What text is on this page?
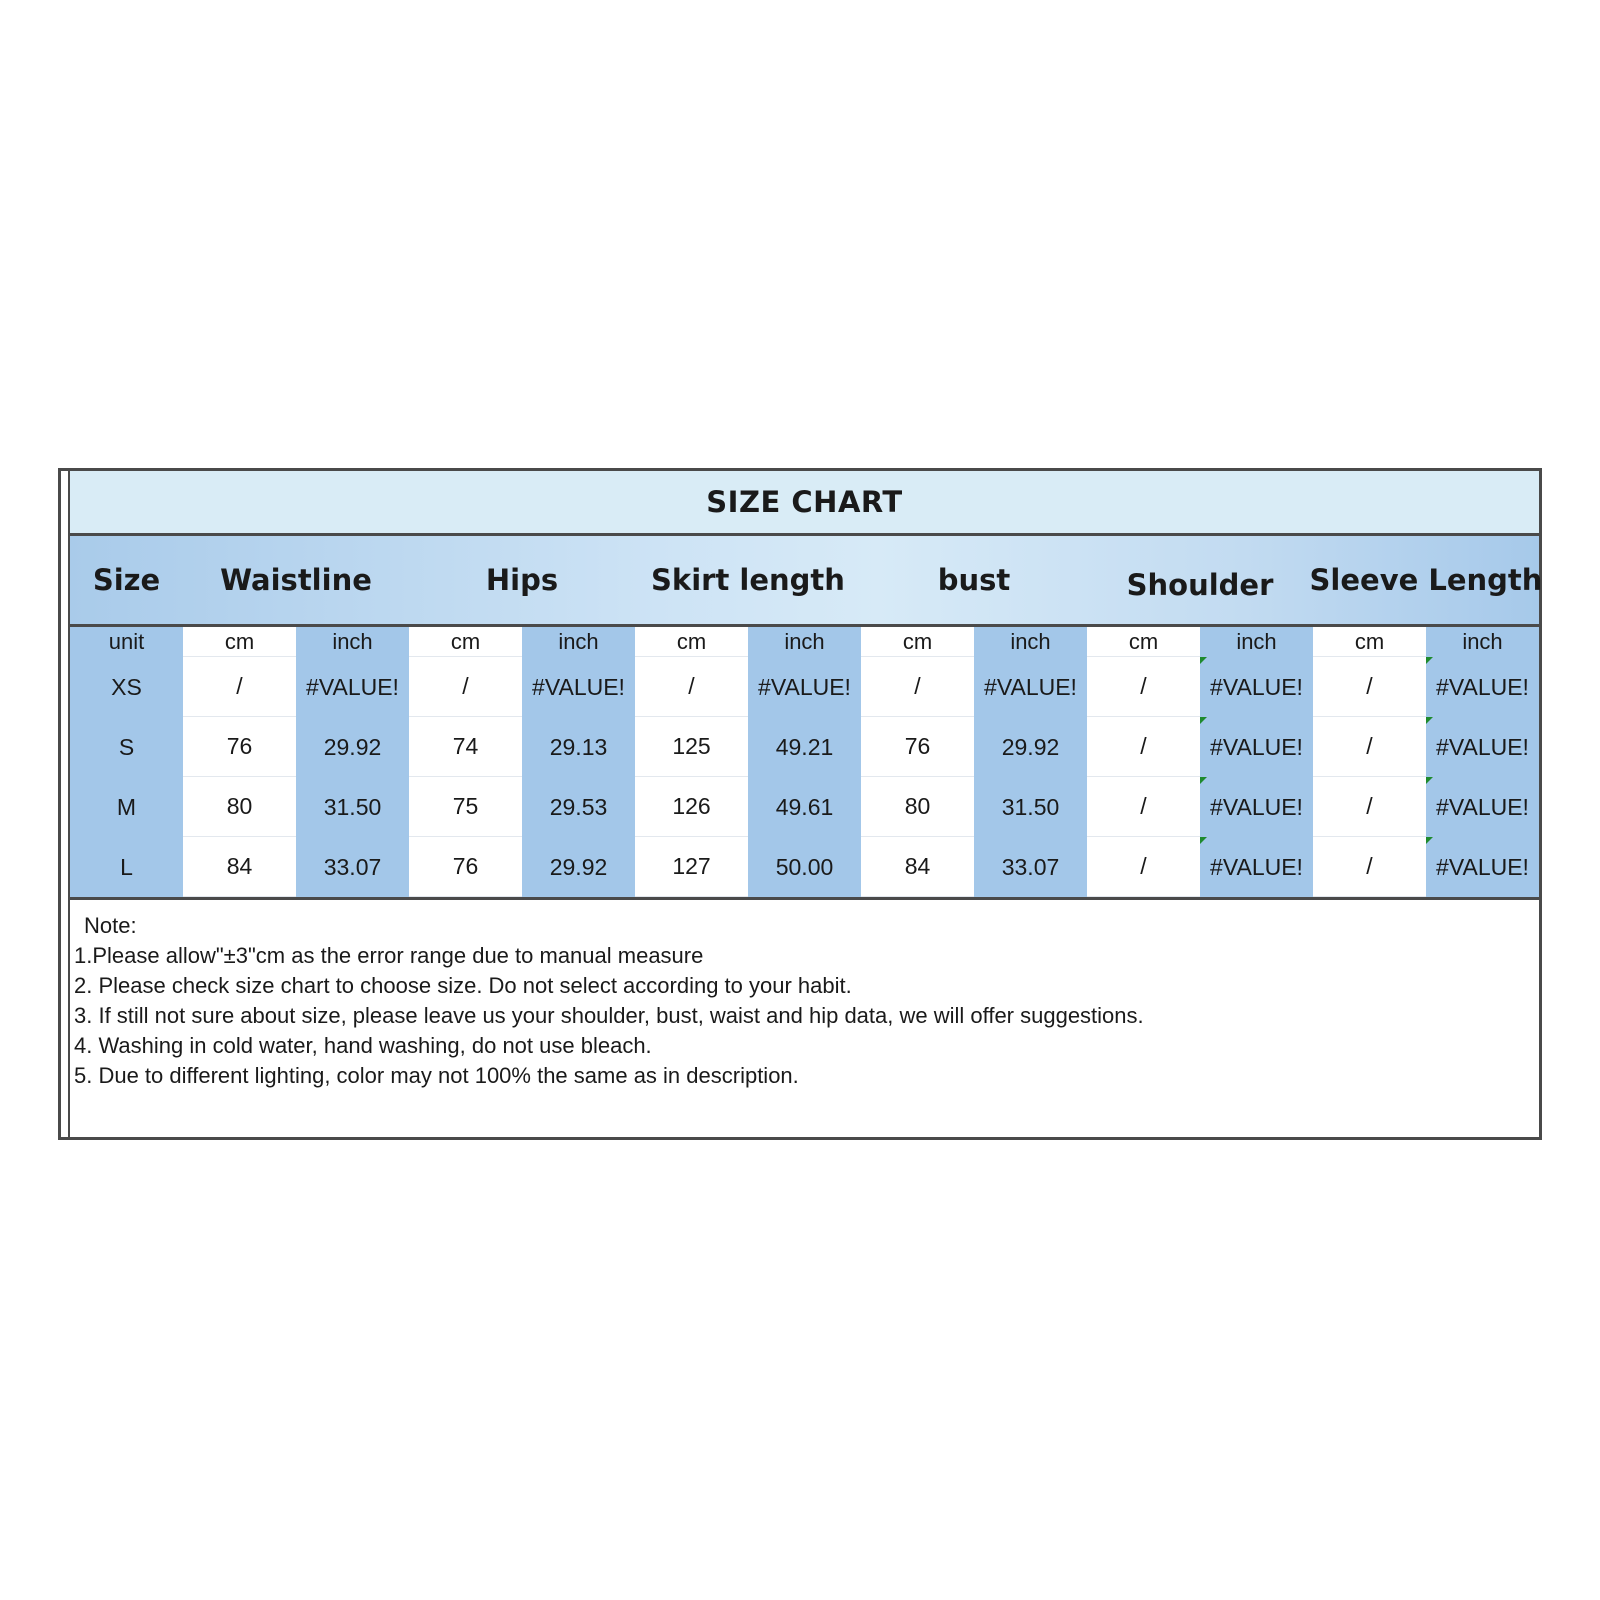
SIZE CHART
Size	Waistline	Hips	Skirt length	bust	Shoulder	Sleeve Length
unit	cm	inch	cm	inch	cm	inch	cm	inch	cm	inch	cm	inch
XS	/	#VALUE!	/	#VALUE!	/	#VALUE!	/	#VALUE!	/	#VALUE!	/	#VALUE!
S	76	29.92	74	29.13	125	49.21	76	29.92	/	#VALUE!	/	#VALUE!
M	80	31.50	75	29.53	126	49.61	80	31.50	/	#VALUE!	/	#VALUE!
L	84	33.07	76	29.92	127	50.00	84	33.07	/	#VALUE!	/	#VALUE!
Note:
1.Please allow"±3"cm as the error range due to manual measure
2. Please check size chart to choose size. Do not select according to your habit.
3. If still not sure about size, please leave us your shoulder, bust, waist and hip data, we will offer suggestions.
4. Washing in cold water, hand washing, do not use bleach.
5. Due to different lighting, color may not 100% the same as in description.
